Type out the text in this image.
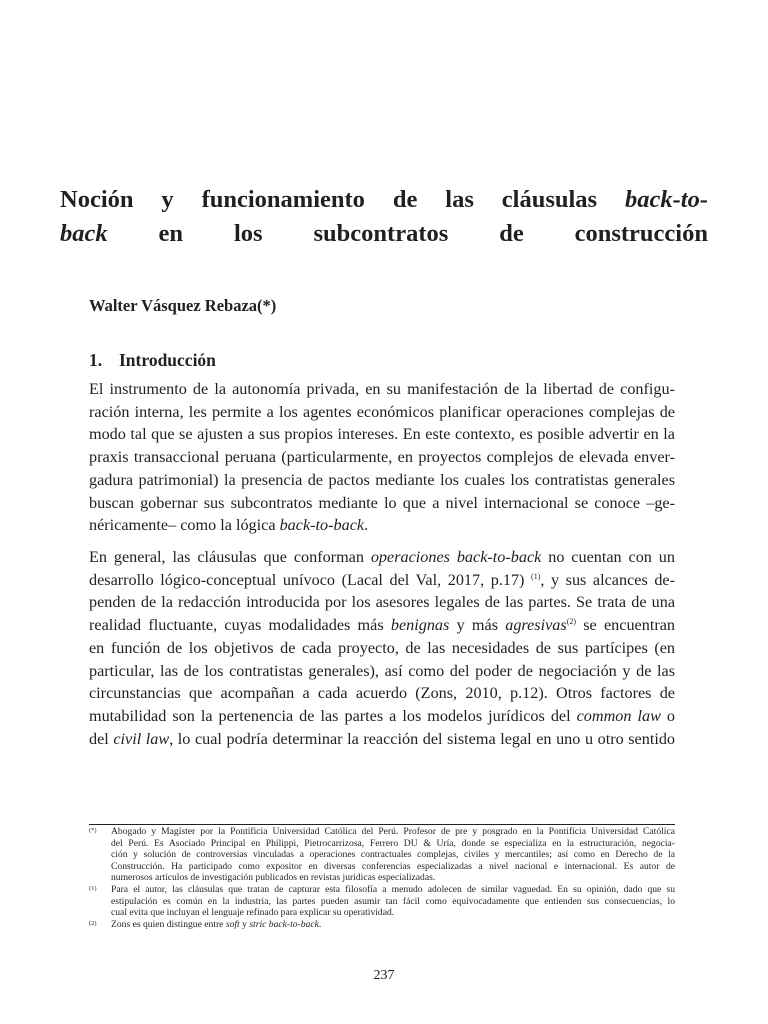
Noción y funcionamiento de las cláusulas back-to-
back en los subcontratos de construcción

Walter Vásquez Rebaza(*)

1. Introducción
El instrumento de la autonomía privada, en su manifestación de la libertad de configu-
ración interna, les permite a los agentes económicos planificar operaciones complejas de
modo tal que se ajusten a sus propios intereses. En este contexto, es posible advertir en la
praxis transaccional peruana (particularmente, en proyectos complejos de elevada enver-
gadura patrimonial) la presencia de pactos mediante los cuales los contratistas generales
buscan gobernar sus subcontratos mediante lo que a nivel internacional se conoce –ge-
néricamente– como la lógica back-to-back.
En general, las cláusulas que conforman operaciones back-to-back no cuentan con un
desarrollo lógico-conceptual unívoco (Lacal del Val, 2017, p.17) $^{(1)}$, y sus alcances de-
penden de la redacción introducida por los asesores legales de las partes. Se trata de una
realidad fluctuante, cuyas modalidades más benignas y más agresivas$^{(2)}$ se encuentran
en función de los objetivos de cada proyecto, de las necesidades de sus partícipes (en
particular, las de los contratistas generales), así como del poder de negociación y de las
circunstancias que acompañan a cada acuerdo (Zons, 2010, p.12). Otros factores de
mutabilidad son la pertenencia de las partes a los modelos jurídicos del common law o
del civil law, lo cual podría determinar la reacción del sistema legal en uno u otro sentido
(*) Abogado y Magíster por la Pontificia Universidad Católica del Perú. Profesor de pre y posgrado en la Pontificia Universidad Católica
del Perú. Es Asociado Principal en Philippi, Pietrocarrizosa, Ferrero DU & Uría, donde se especializa en la estructuración, negocia-
ción y solución de controversias vinculadas a operaciones contractuales complejas, civiles y mercantiles; así como en Derecho de la
Construcción. Ha participado como expositor en diversas conferencias especializadas a nivel nacional e internacional. Es autor de
numerosos artículos de investigación publicados en revistas jurídicas especializadas.
(1) Para el autor, las cláusulas que tratan de capturar esta filosofía a menudo adolecen de similar vaguedad. En su opinión, dado que su
estipulación es común en la industria, las partes pueden asumir tan fácil como equivocadamente que entienden sus consecuencias, lo
cual evita que incluyan el lenguaje refinado para explicar su operatividad.
(2) Zons es quien distingue entre soft y stric back-to-back.
237
